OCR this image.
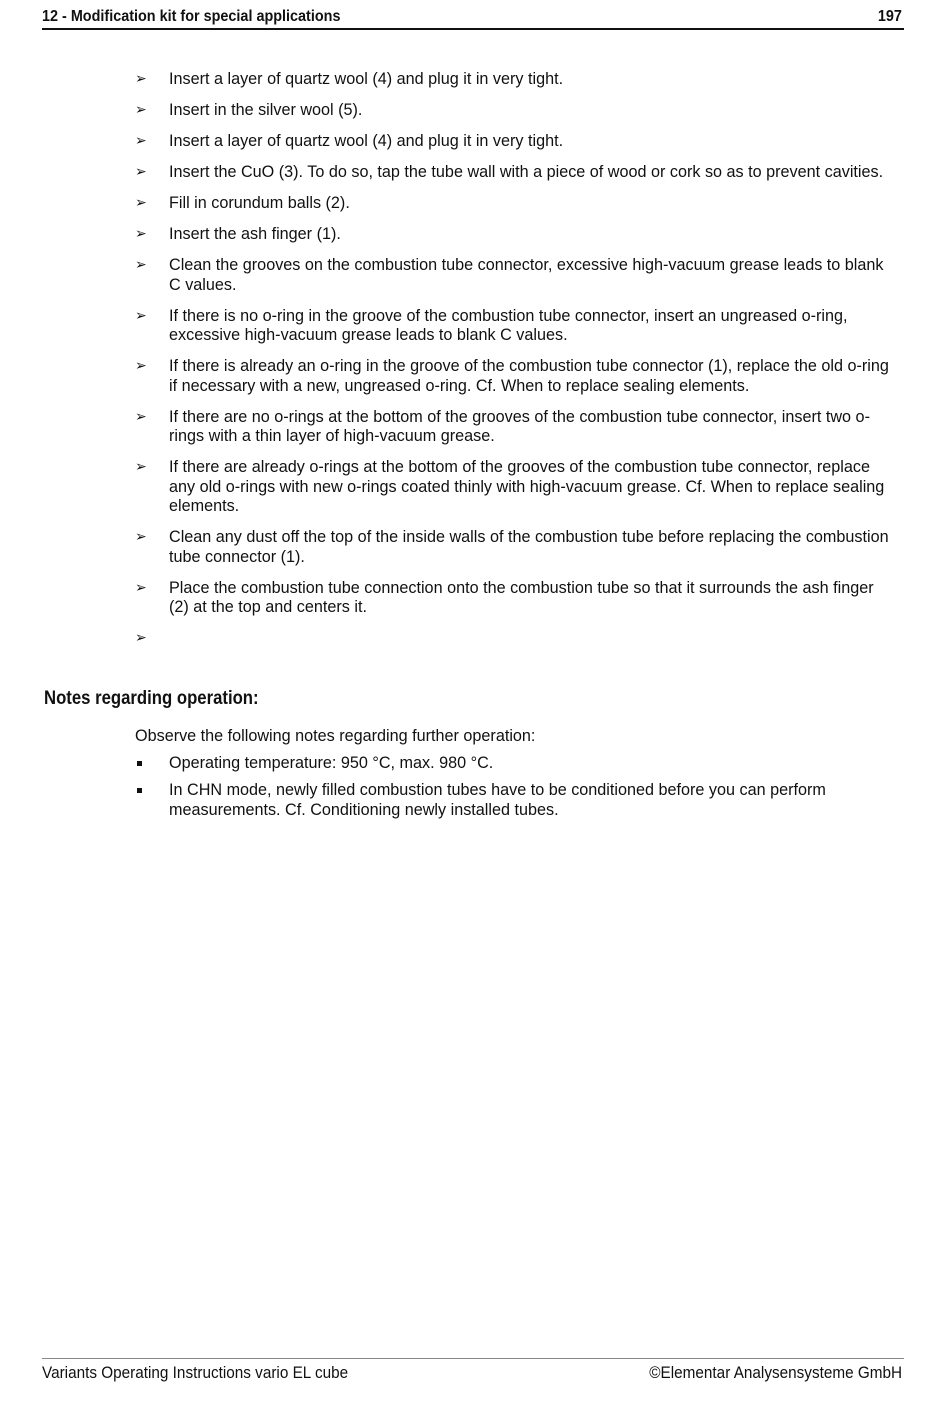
12 - Modification kit for special applications	197
➢	Insert a layer of quartz wool (4) and plug it in very tight.
➢	Insert in the silver wool (5).
➢	Insert a layer of quartz wool (4) and plug it in very tight.
➢	Insert the CuO (3). To do so, tap the tube wall with a piece of wood or cork so as to prevent cavities.
➢	Fill in corundum balls (2).
➢	Insert the ash finger (1).
➢	Clean the grooves on the combustion tube connector, excessive high-vacuum grease leads to blank C values.
➢	If there is no o-ring in the groove of the combustion tube connector, insert an ungreased o-ring, excessive high-vacuum grease leads to blank C values.
➢	If there is already an o-ring in the groove of the combustion tube connector (1), replace the old o-ring if necessary with a new, ungreased o-ring. Cf. When to replace sealing elements.
➢	If there are no o-rings at the bottom of the grooves of the combustion tube connector, insert two o-rings with a thin layer of high-vacuum grease.
➢	If there are already o-rings at the bottom of the grooves of the combustion tube connector, replace any old o-rings with new o-rings coated thinly with high-vacuum grease. Cf. When to replace sealing elements.
➢	Clean any dust off the top of the inside walls of the combustion tube before replacing the combustion tube connector (1).
➢	Place the combustion tube connection onto the combustion tube so that it surrounds the ash finger (2) at the top and centers it.
➢
Notes regarding operation:
Observe the following notes regarding further operation:
Operating temperature: 950 °C, max. 980 °C.
In CHN mode, newly filled combustion tubes have to be conditioned before you can perform measurements. Cf. Conditioning newly installed tubes.
Variants Operating Instructions vario EL cube	©Elementar Analysensysteme GmbH
